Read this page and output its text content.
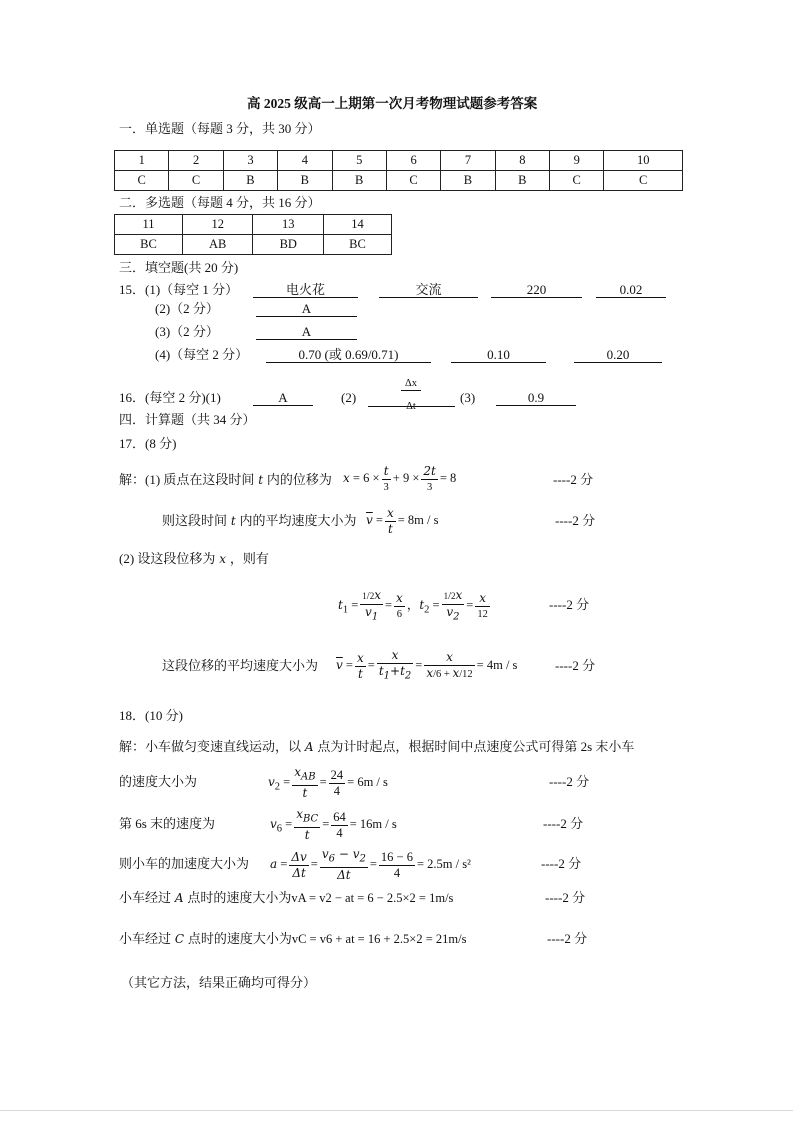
高 2025 级高一上期第一次月考物理试题参考答案
一．单选题（每题 3 分，共 30 分）
1	2	3	4	5	6	7	8	9	10
C	C	B	B	B	C	B	B	C	C
二．多选题（每题 4 分，共 16 分）
11	12	13	14
BC	AB	BD	BC
三．填空题(共 20 分)
15．(1)（每空 1 分）	电火花	交流	220	0.02
(2)（2 分）	A
(3)（2 分）	A
(4)（每空 2 分）	0.70 (或 0.69/0.71)	0.10	0.20
16．(每空 2 分)(1)	A	$(2) \frac{\Delta x}{\Delta t} (3)$	0.9
四．计算题（共 34 分）
17．(8 分)
解：(1) 质点在这段时间 t 内的位移为 $x = 6 \times \frac{t}{3} + 9 \times \frac{2t}{3} = 8$	----2 分
则这段时间 t 内的平均速度大小为 $\overline{v} = \frac{x}{t} = 8m / s$	----2 分
(2) 设这段位移为 x ，则有
$t_1 = \frac{1/2x}{v_1} = \frac{x}{6}$ ，$t_2 = \frac{1/2x}{v_2} = \frac{x}{12}$	----2 分
这段位移的平均速度大小为 $\overline{v} = \frac{x}{t} = \frac{x}{t_1+t_2} = \frac{x}{x/6 + x/12} = 4m / s$	----2 分
18．(10 分)
解：小车做匀变速直线运动，以 A 点为计时起点，根据时间中点速度公式可得第 2s 末小车
的速度大小为	$v_2 = \frac{x_{AB}}{t} = \frac{24}{4} = 6m / s$	----2 分
第 6s 末的速度为	$v_6 = \frac{x_{BC}}{t} = \frac{64}{4} = 16m / s$	----2 分
则小车的加速度大小为 $a = \frac{\Delta v}{\Delta t} = \frac{v_6 - v_2}{\Delta t} = \frac{16 - 6}{4} = 2.5m / s^2$	----2 分
小车经过 A 点时的速度大小为vA = v2 − at = 6 − 2.5×2 = 1m/s	----2 分
小车经过 C 点时的速度大小为vC = v6 + at = 16 + 2.5×2 = 21m/s	----2 分
（其它方法，结果正确均可得分）
